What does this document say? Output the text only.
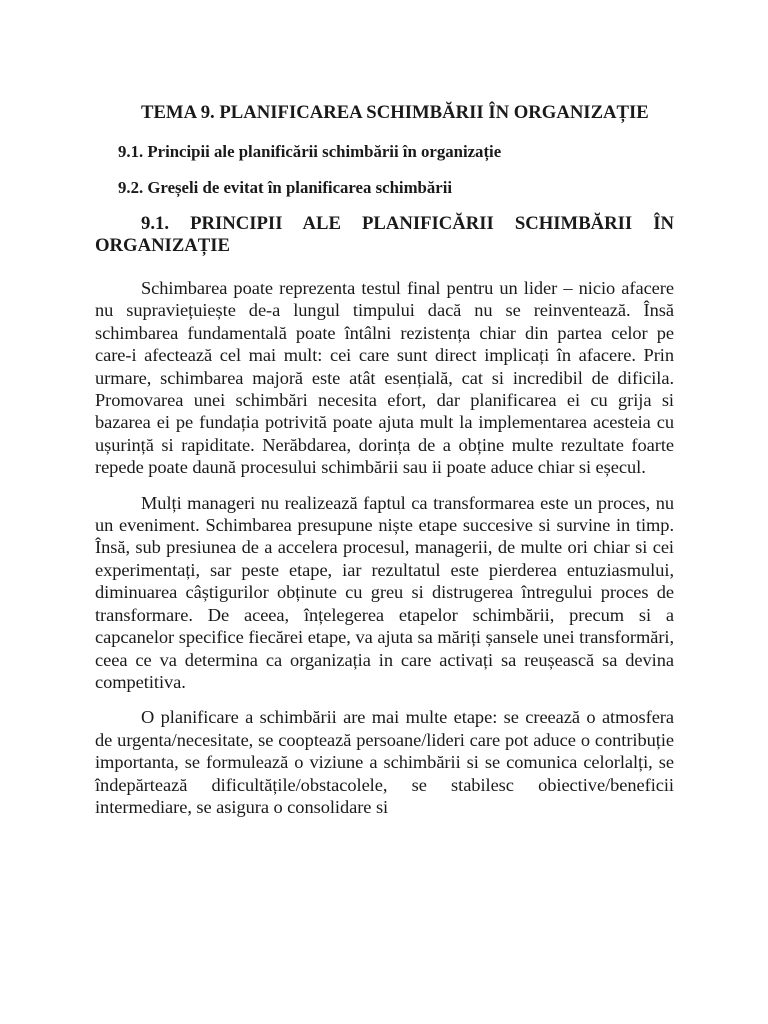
TEMA 9. PLANIFICAREA SCHIMBĂRII ÎN ORGANIZAȚIE

9.1. Principii ale planificării schimbării în organizație

9.2. Greșeli de evitat în planificarea schimbării

9.1. PRINCIPII ALE PLANIFICĂRII SCHIMBĂRII ÎN ORGANIZAȚIE

Schimbarea poate reprezenta testul final pentru un lider – nicio afacere nu supraviețuiește de-a lungul timpului dacă nu se reinventează. Însă schimbarea fundamentală poate întâlni rezistența chiar din partea celor pe care-i afectează cel mai mult: cei care sunt direct implicați în afacere. Prin urmare, schimbarea majoră este atât esențială, cat si incredibil de dificila. Promovarea unei schimbări necesita efort, dar planificarea ei cu grija si bazarea ei pe fundația potrivită poate ajuta mult la implementarea acesteia cu ușurință si rapiditate. Nerăbdarea, dorința de a obține multe rezultate foarte repede poate daună procesului schimbării sau ii poate aduce chiar si eșecul.

Mulți manageri nu realizează faptul ca transformarea este un proces, nu un eveniment. Schimbarea presupune niște etape succesive si survine in timp. Însă, sub presiunea de a accelera procesul, managerii, de multe ori chiar si cei experimentați, sar peste etape, iar rezultatul este pierderea entuziasmului, diminuarea câștigurilor obținute cu greu si distrugerea întregului proces de transformare. De aceea, înțelegerea etapelor schimbării, precum si a capcanelor specifice fiecărei etape, va ajuta sa măriți șansele unei transformări, ceea ce va determina ca organizația in care activați sa reușească sa devina competitiva.

O planificare a schimbării are mai multe etape: se creează o atmosfera de urgenta/necesitate, se cooptează persoane/lideri care pot aduce o contribuție importanta, se formulează o viziune a schimbării si se comunica celorlalți, se îndepărtează dificultățile/obstacolele, se stabilesc obiective/beneficii intermediare, se asigura o consolidare si
